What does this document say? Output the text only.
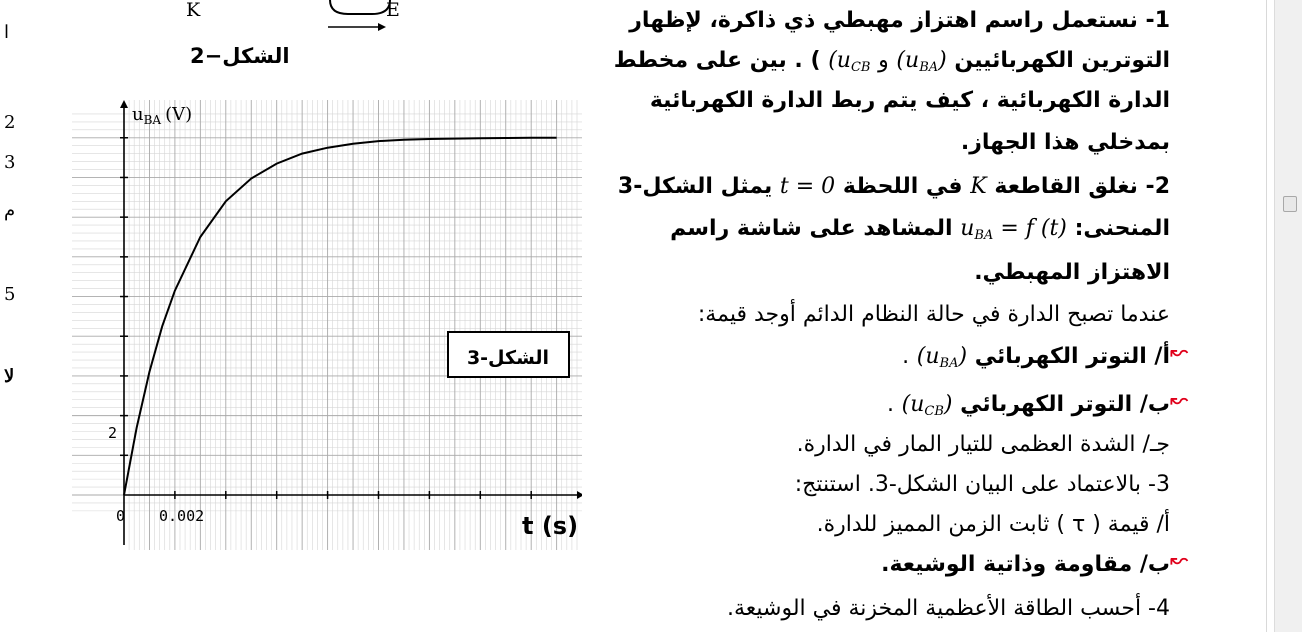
ا
2
3
م
5
لا
K	E
الشكل−2
$u_{BA}$ (V)
0 0.002
2
t (s)
الشكل-3
1- نستعمل راسم اهتزاز مهبطي ذي ذاكرة، لإظهار
التوترين الكهربائيين $(u_{BA})$ و ($u_{CB}$ ) . بين على مخطط
الدارة الكهربائية ، كيف يتم ربط الدارة الكهربائية
بمدخلي هذا الجهاز.
2- نغلق القاطعة K في اللحظة t = 0 يمثل الشكل-3
المنحنى: $u_{BA} = f$ (t) المشاهد على شاشة راسم
الاهتزاز المهبطي.
عندما تصبح الدارة في حالة النظام الدائم أوجد قيمة:
أ/ التوتر الكهربائي $(u_{BA})$ .
ب/ التوتر الكهربائي $(u_{CB})$ .
جـ/ الشدة العظمى للتيار المار في الدارة.
3- بالاعتماد على البيان الشكل-3. استنتج:
أ/ قيمة ( τ ) ثابت الزمن المميز للدارة.
ب/ مقاومة وذاتية الوشيعة.
4- أحسب الطاقة الأعظمية المخزنة في الوشيعة.
↜
↜
↜
